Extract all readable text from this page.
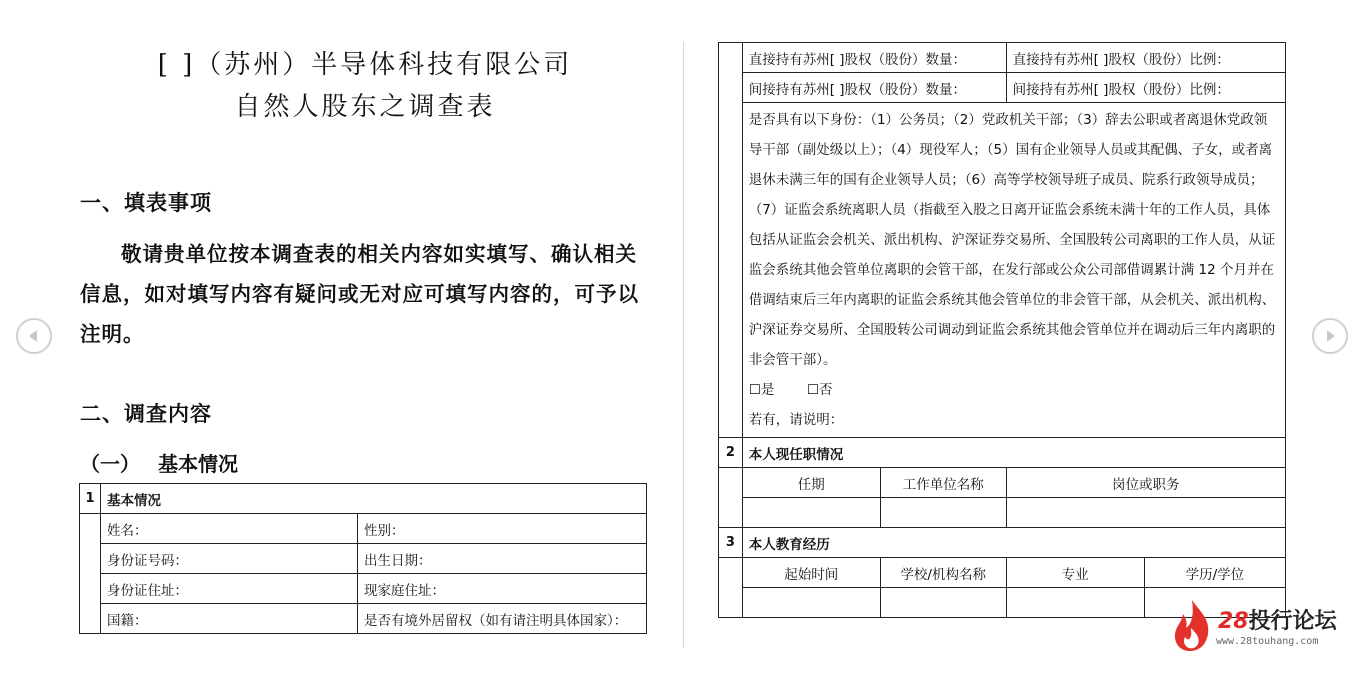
[ ]（苏州）半导体科技有限公司
自然人股东之调查表
一、填表事项
敬请贵单位按本调查表的相关内容如实填写、确认相关信息，如对填写内容有疑问或无对应可填写内容的，可予以注明。
二、调查内容
（一） 基本情况
1	基本情况	
	姓名：	性别：
	身份证号码：	出生日期：
	身份证住址：	现家庭住址：
	国籍：	是否有境外居留权（如有请注明具体国家）：
	直接持有苏州[ ]股权（股份）数量：		直接持有苏州[ ]股权（股份）比例：	
	间接持有苏州[ ]股权（股份）数量：		间接持有苏州[ ]股权（股份）比例：	

	是否具有以下身份：（1）公务员；（2）党政机关干部；（3）辞去公职或者离退休党政领导干部（副处级以上）；（4）现役军人；（5）国有企业领导人员或其配偶、子女，或者离退休未满三年的国有企业领导人员；（6）高等学校领导班子成员、院系行政领导成员；（7）证监会系统离职人员（指截至入股之日离开证监会系统未满十年的工作人员，具体包括从证监会会机关、派出机构、沪深证券交易所、全国股转公司离职的工作人员，从证监会系统其他会管单位离职的会管干部，在发行部或公众公司部借调累计满 12 个月并在借调结束后三年内离职的证监会系统其他会管单位的非会管干部，从会机关、派出机构、沪深证券交易所、全国股转公司调动到证监会系统其他会管单位并在调动后三年内离职的非会管干部）。
☐是 ☐否
若有，请说明：			

2	本人现任职情况			
	任期	工作单位名称	岗位或职务	

3	本人教育经历			
	起始时间	学校/机构名称	专业	学历/学位

28投行论坛
www.28touhang.com
